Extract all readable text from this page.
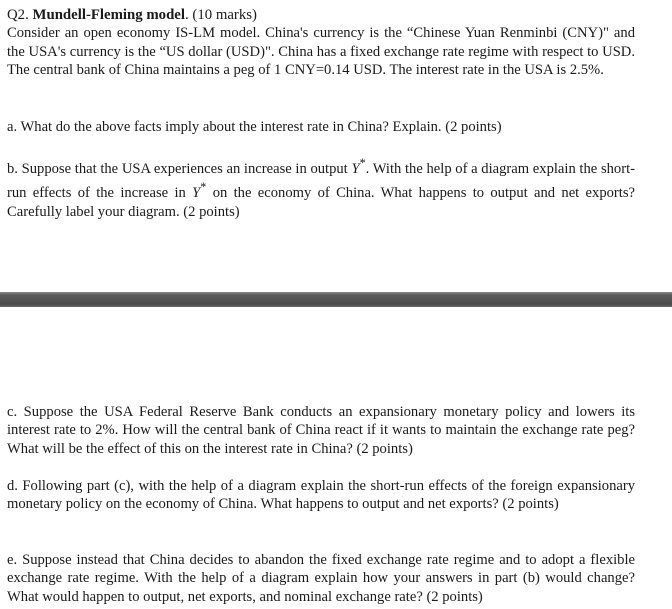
Q2. Mundell-Fleming model. (10 marks)
Consider an open economy IS-LM model. China's currency is the “Chinese Yuan Renminbi (CNY)" and the USA's currency is the “US dollar (USD)". China has a fixed exchange rate regime with respect to USD. The central bank of China maintains a peg of 1 CNY=0.14 USD. The interest rate in the USA is 2.5%.

a. What do the above facts imply about the interest rate in China? Explain. (2 points)

b. Suppose that the USA experiences an increase in output Y*. With the help of a diagram explain the short-run effects of the increase in Y* on the economy of China. What happens to output and net exports? Carefully label your diagram. (2 points)

c. Suppose the USA Federal Reserve Bank conducts an expansionary monetary policy and lowers its interest rate to 2%. How will the central bank of China react if it wants to maintain the exchange rate peg? What will be the effect of this on the interest rate in China? (2 points)

d. Following part (c), with the help of a diagram explain the short-run effects of the foreign expansionary monetary policy on the economy of China. What happens to output and net exports? (2 points)

e. Suppose instead that China decides to abandon the fixed exchange rate regime and to adopt a flexible exchange rate regime. With the help of a diagram explain how your answers in part (b) would change? What would happen to output, net exports, and nominal exchange rate? (2 points)
